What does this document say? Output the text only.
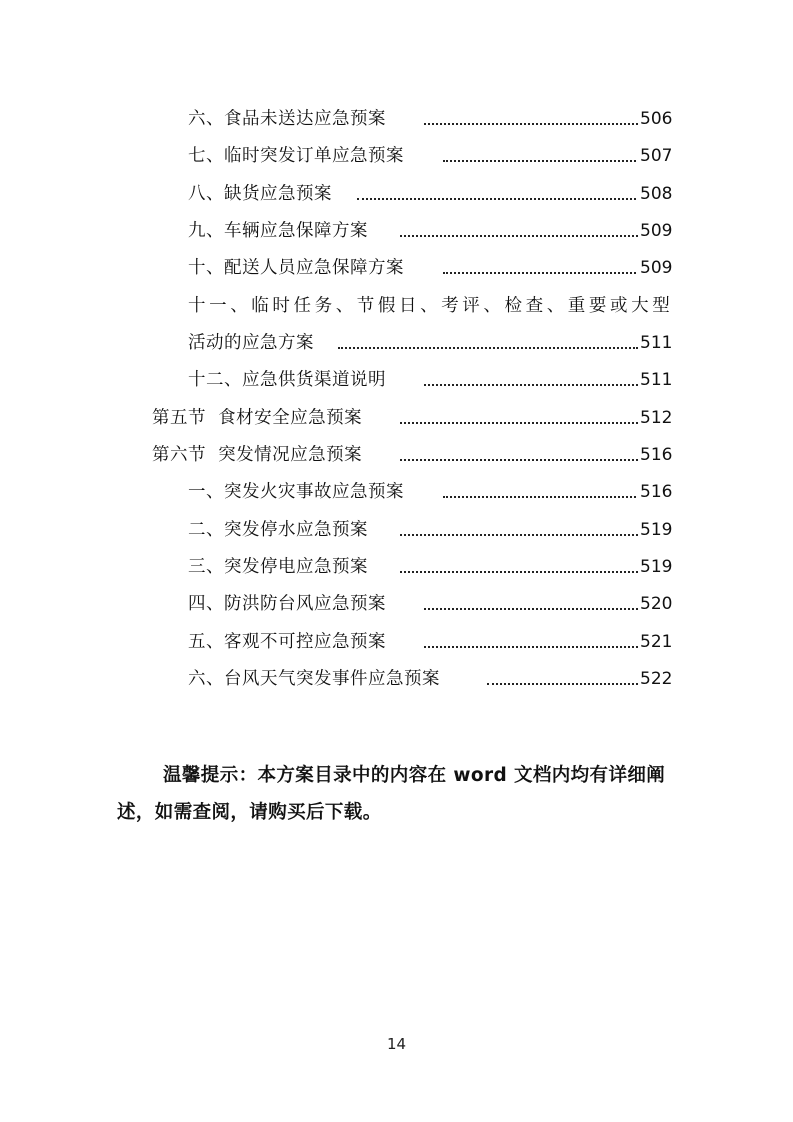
六、食品未送达应急预案	506
七、临时突发订单应急预案	507
八、缺货应急预案	508
九、车辆应急保障方案	509
十、配送人员应急保障方案	509
十一、临时任务、节假日、考评、检查、重要或大型
活动的应急方案	511
十二、应急供货渠道说明	511
第五节  食材安全应急预案	512
第六节  突发情况应急预案	516
一、突发火灾事故应急预案	516
二、突发停水应急预案	519
三、突发停电应急预案	519
四、防洪防台风应急预案	520
五、客观不可控应急预案	521
六、台风天气突发事件应急预案	522

温馨提示：本方案目录中的内容在 word 文档内均有详细阐述，如需查阅，请购买后下载。

14
